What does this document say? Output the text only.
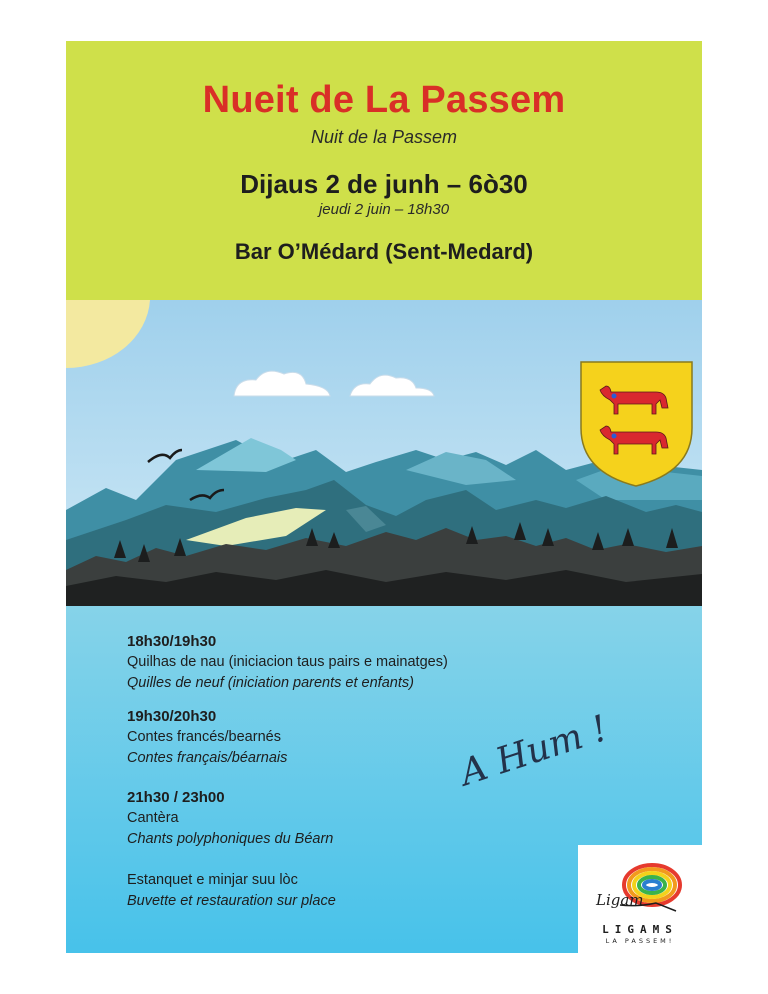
Nueit de La Passem
Nuit de la Passem
Dijaus 2 de junh – 6ò30
jeudi 2 juin – 18h30
Bar O’Médard (Sent-Medard)
18h30/19h30
Quilhas de nau (iniciacion taus pairs e mainatges)
Quilles de neuf (iniciation parents et enfants)
19h30/20h30
Contes francés/bearnés
Contes français/béarnais
21h30 / 23h00
Cantèra
Chants polyphoniques du Béarn
Estanquet e minjar suu lòc
Buvette et restauration sur place
A Hum !
Ligam
LIGAMS
LA PASSEM!
